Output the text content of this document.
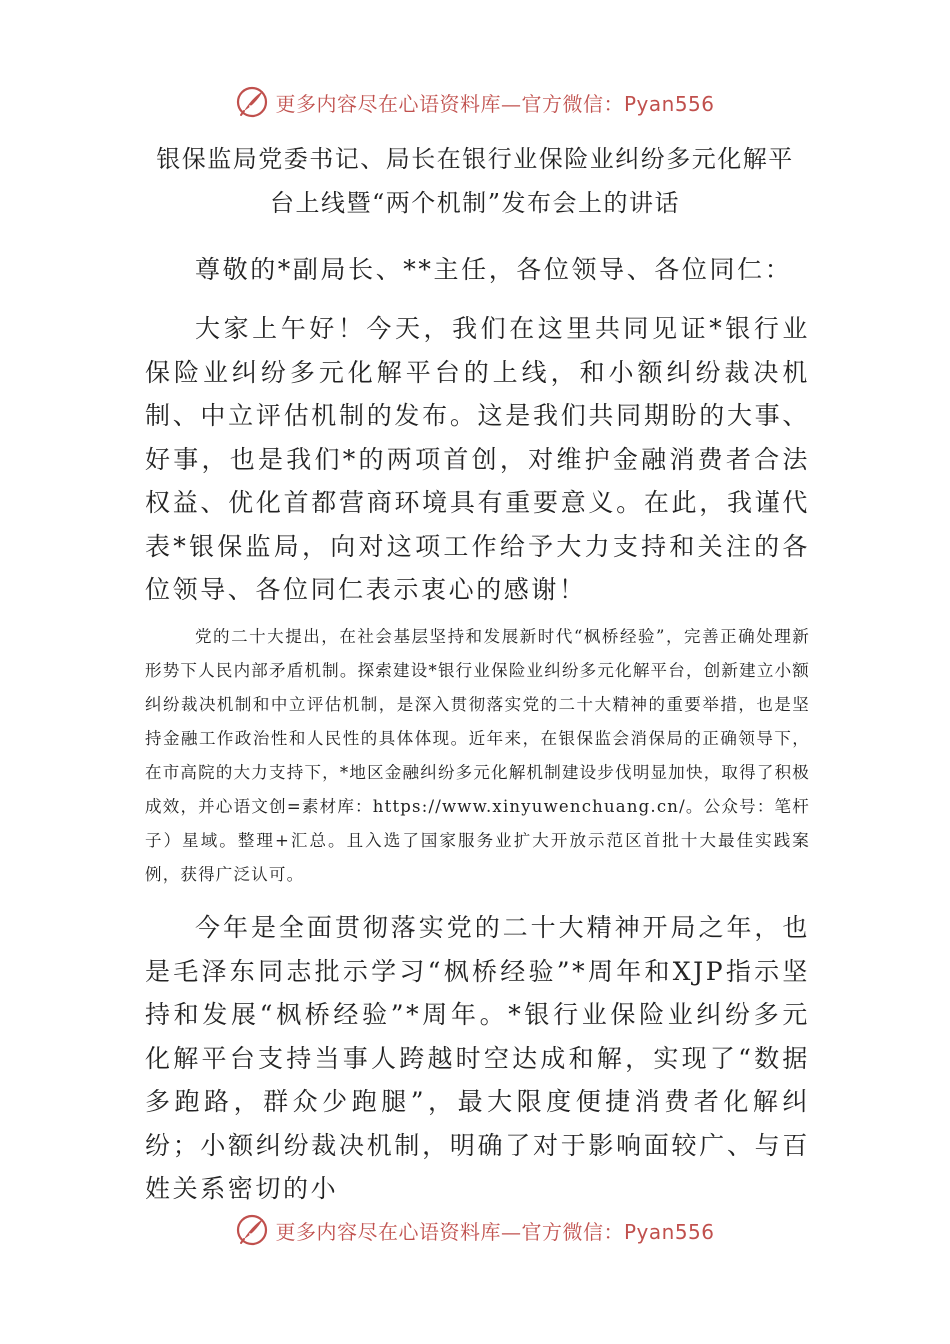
更多内容尽在心语资料库—官方微信：Pyan556
银保监局党委书记、局长在银行业保险业纠纷多元化解平
台上线暨“两个机制”发布会上的讲话
尊敬的*副局长、**主任，各位领导、各位同仁：
大家上午好！今天，我们在这里共同见证*银行业保险业纠纷多元化解平台的上线，和小额纠纷裁决机制、中立评估机制的发布。这是我们共同期盼的大事、好事，也是我们*的两项首创，对维护金融消费者合法权益、优化首都营商环境具有重要意义。在此，我谨代表*银保监局，向对这项工作给予大力支持和关注的各位领导、各位同仁表示衷心的感谢！
党的二十大提出，在社会基层坚持和发展新时代“枫桥经验”，完善正确处理新形势下人民内部矛盾机制。探索建设*银行业保险业纠纷多元化解平台，创新建立小额纠纷裁决机制和中立评估机制，是深入贯彻落实党的二十大精神的重要举措，也是坚持金融工作政治性和人民性的具体体现。近年来，在银保监会消保局的正确领导下，在市高院的大力支持下，*地区金融纠纷多元化解机制建设步伐明显加快，取得了积极成效，并心语文创=素材库：https://www.xinyuwenchuang.cn/。公众号：笔杆子）星域。整理+汇总。且入选了国家服务业扩大开放示范区首批十大最佳实践案例，获得广泛认可。
今年是全面贯彻落实党的二十大精神开局之年，也是毛泽东同志批示学习“枫桥经验”*周年和XJP指示坚持和发展“枫桥经验”*周年。*银行业保险业纠纷多元化解平台支持当事人跨越时空达成和解，实现了“数据多跑路，群众少跑腿”，最大限度便捷消费者化解纠纷；小额纠纷裁决机制，明确了对于影响面较广、与百姓关系密切的小
更多内容尽在心语资料库—官方微信：Pyan556
